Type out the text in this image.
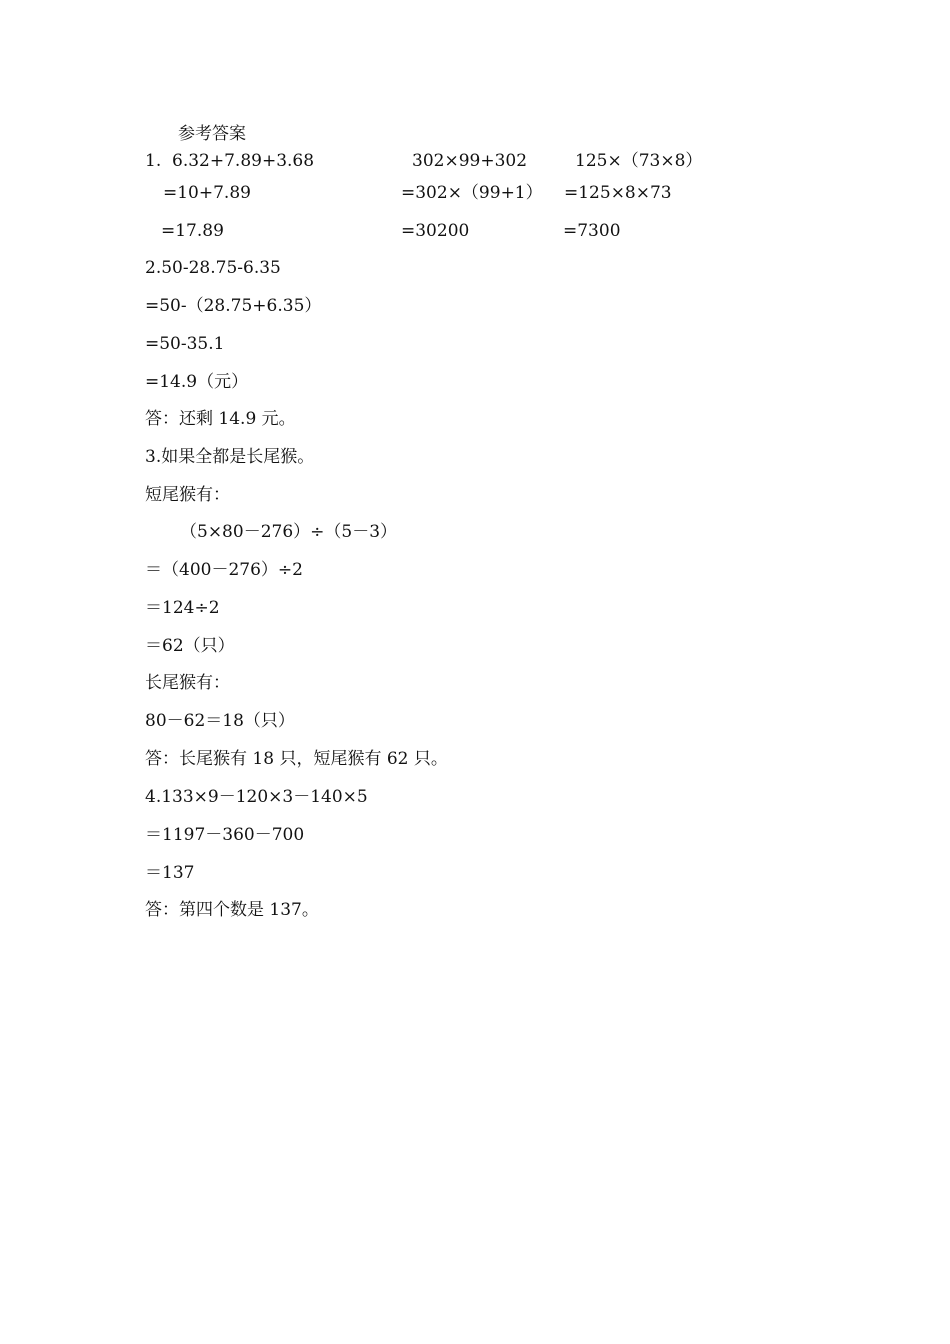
参考答案
1. 6.32+7.89+3.68
=10+7.89
=17.89
302×99+302
=302×（99+1）
=30200
125×（73×8）
=125×8×73
=7300
2.50-28.75-6.35
=50-（28.75+6.35）
=50-35.1
=14.9（元）
答：还剩 14.9 元。
3.如果全都是长尾猴。
短尾猴有：
（5×80－276）÷（5－3）
＝（400－276）÷2
＝124÷2
＝62（只）
长尾猴有：
80－62＝18（只）
答：长尾猴有 18 只，短尾猴有 62 只。
4.133×9－120×3－140×5
＝1197－360－700
＝137
答：第四个数是 137。
